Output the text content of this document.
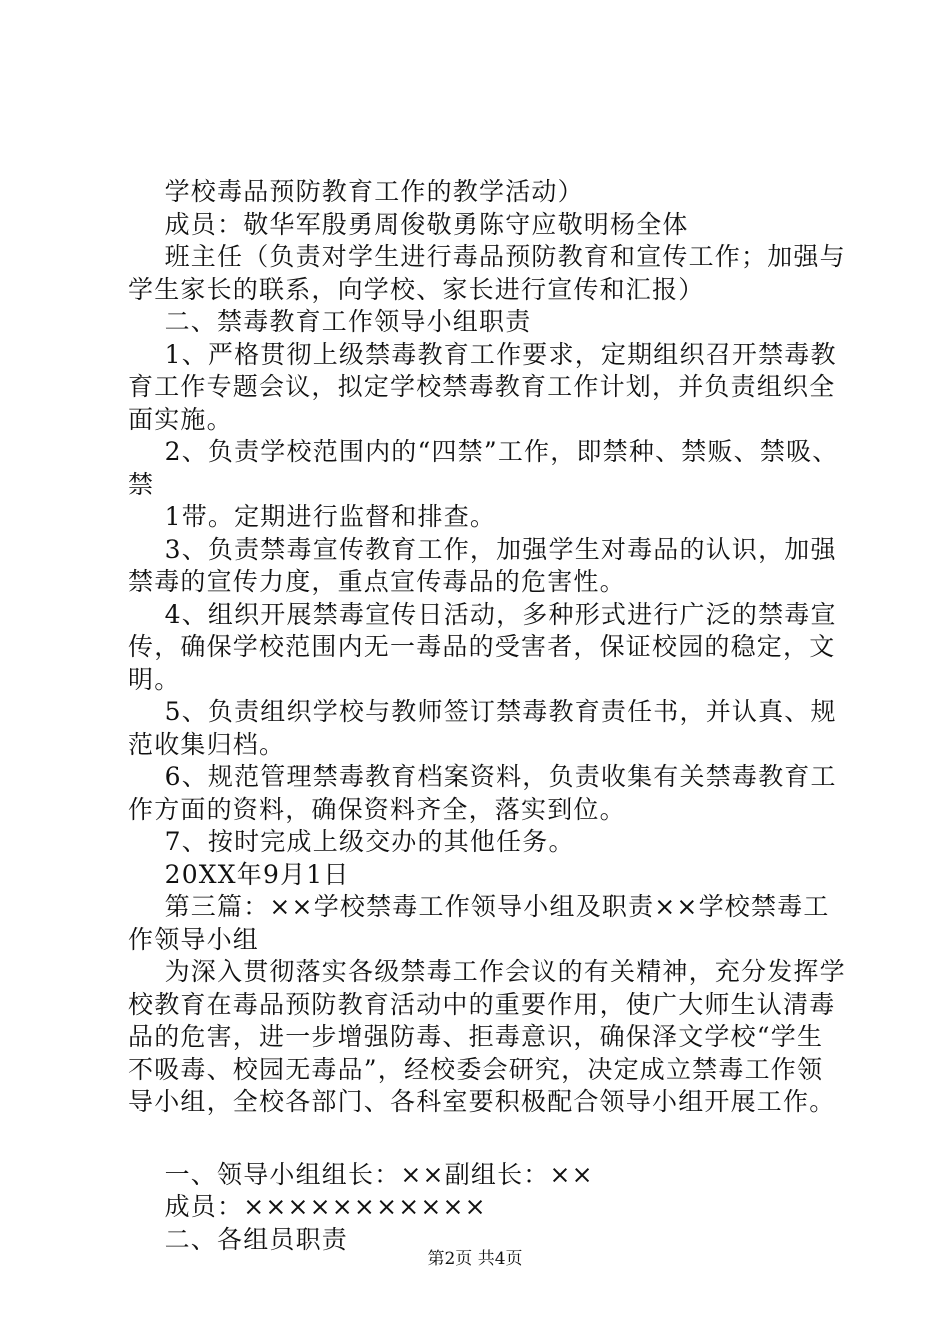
学校毒品预防教育工作的教学活动）

成员：敬华军殷勇周俊敬勇陈守应敬明杨全体

班主任（负责对学生进行毒品预防教育和宣传工作；加强与学生家长的联系，向学校、家长进行宣传和汇报）

二、禁毒教育工作领导小组职责

1、严格贯彻上级禁毒教育工作要求，定期组织召开禁毒教育工作专题会议，拟定学校禁毒教育工作计划，并负责组织全面实施。

2、负责学校范围内的“四禁”工作，即禁种、禁贩、禁吸、禁

1带。定期进行监督和排查。

3、负责禁毒宣传教育工作，加强学生对毒品的认识，加强禁毒的宣传力度，重点宣传毒品的危害性。

4、组织开展禁毒宣传日活动，多种形式进行广泛的禁毒宣传，确保学校范围内无一毒品的受害者，保证校园的稳定，文明。

5、负责组织学校与教师签订禁毒教育责任书，并认真、规范收集归档。

6、规范管理禁毒教育档案资料，负责收集有关禁毒教育工作方面的资料，确保资料齐全，落实到位。

7、按时完成上级交办的其他任务。

20XX年9月1日

第三篇：××学校禁毒工作领导小组及职责××学校禁毒工作领导小组

为深入贯彻落实各级禁毒工作会议的有关精神，充分发挥学校教育在毒品预防教育活动中的重要作用，使广大师生认清毒品的危害，进一步增强防毒、拒毒意识，确保泽文学校“学生不吸毒、校园无毒品”，经校委会研究，决定成立禁毒工作领导小组，全校各部门、各科室要积极配合领导小组开展工作。

一、领导小组组长：××副组长：××

成员：×××××××××××

二、各组员职责

第2页 共4页
